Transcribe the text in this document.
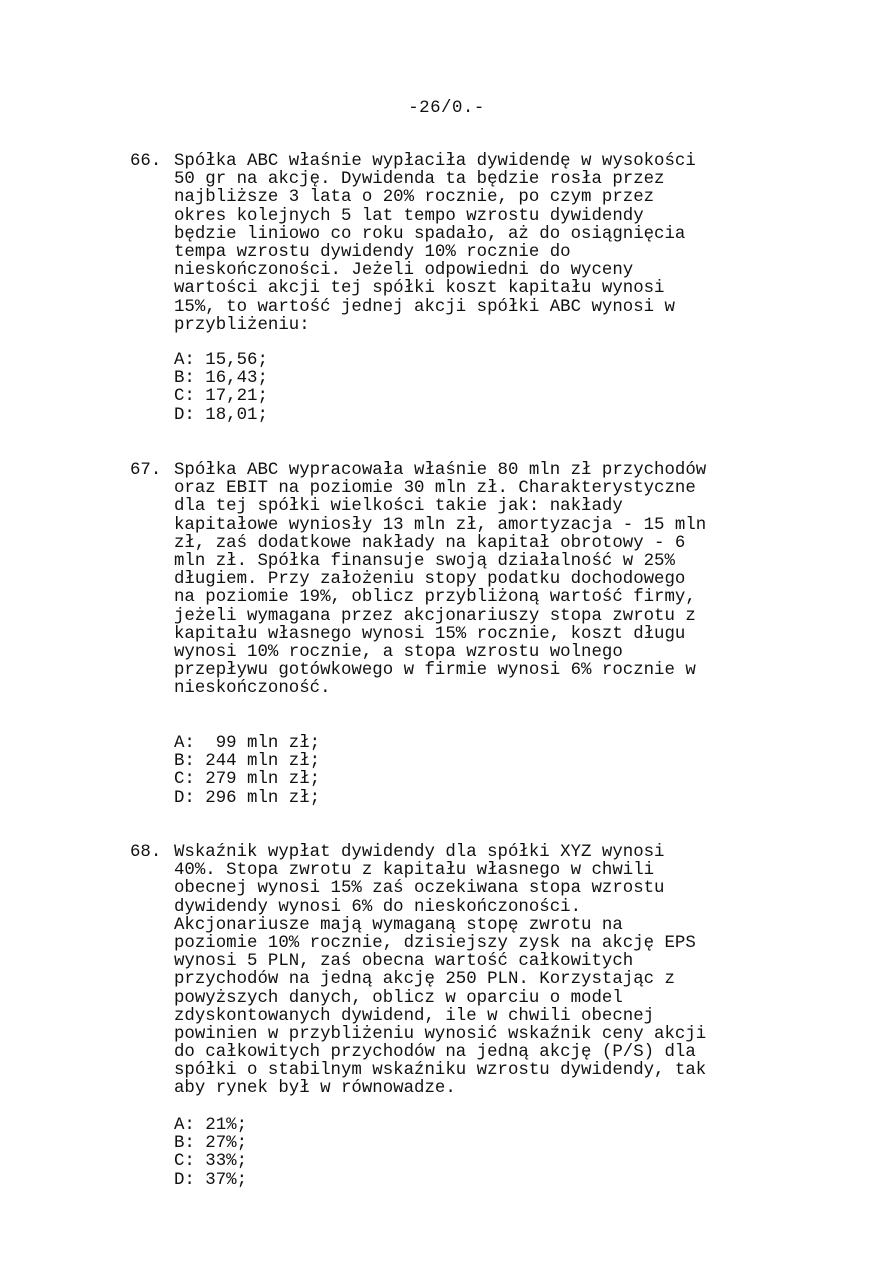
-26/0.-
66. Spółka ABC właśnie wypłaciła dywidendę w wysokości
50 gr na akcję. Dywidenda ta będzie rosła przez
najbliższe 3 lata o 20% rocznie, po czym przez
okres kolejnych 5 lat tempo wzrostu dywidendy
będzie liniowo co roku spadało, aż do osiągnięcia
tempa wzrostu dywidendy 10% rocznie do
nieskończoności. Jeżeli odpowiedni do wyceny
wartości akcji tej spółki koszt kapitału wynosi
15%, to wartość jednej akcji spółki ABC wynosi w
przybliżeniu:
A: 15,56;
B: 16,43;
C: 17,21;
D: 18,01;
67. Spółka ABC wypracowała właśnie 80 mln zł przychodów
oraz EBIT na poziomie 30 mln zł. Charakterystyczne
dla tej spółki wielkości takie jak: nakłady
kapitałowe wyniosły 13 mln zł, amortyzacja - 15 mln
zł, zaś dodatkowe nakłady na kapitał obrotowy - 6
mln zł. Spółka finansuje swoją działalność w 25%
długiem. Przy założeniu stopy podatku dochodowego
na poziomie 19%, oblicz przybliżoną wartość firmy,
jeżeli wymagana przez akcjonariuszy stopa zwrotu z
kapitału własnego wynosi 15% rocznie, koszt długu
wynosi 10% rocznie, a stopa wzrostu wolnego
przepływu gotówkowego w firmie wynosi 6% rocznie w
nieskończoność.
A:  99 mln zł;
B: 244 mln zł;
C: 279 mln zł;
D: 296 mln zł;
68. Wskaźnik wypłat dywidendy dla spółki XYZ wynosi
40%. Stopa zwrotu z kapitału własnego w chwili
obecnej wynosi 15% zaś oczekiwana stopa wzrostu
dywidendy wynosi 6% do nieskończoności.
Akcjonariusze mają wymaganą stopę zwrotu na
poziomie 10% rocznie, dzisiejszy zysk na akcję EPS
wynosi 5 PLN, zaś obecna wartość całkowitych
przychodów na jedną akcję 250 PLN. Korzystając z
powyższych danych, oblicz w oparciu o model
zdyskontowanych dywidend, ile w chwili obecnej
powinien w przybliżeniu wynosić wskaźnik ceny akcji
do całkowitych przychodów na jedną akcję (P/S) dla
spółki o stabilnym wskaźniku wzrostu dywidendy, tak
aby rynek był w równowadze.
A: 21%;
B: 27%;
C: 33%;
D: 37%;
